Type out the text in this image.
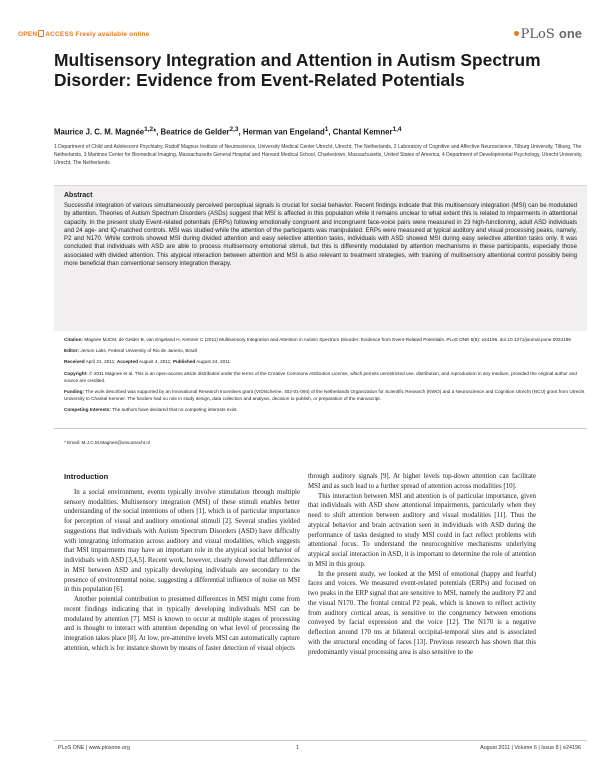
OPEN ACCESS Freely available online	PLoS one
Multisensory Integration and Attention in Autism Spectrum Disorder: Evidence from Event-Related Potentials
Maurice J. C. M. Magnée$^{1,2}$*, Beatrice de Gelder$^{2,3}$, Herman van Engeland$^1$, Chantal Kemner$^{1,4}$
1 Department of Child and Adolescent Psychiatry, Rudolf Magnus Institute of Neuroscience, University Medical Center Utrecht, Utrecht, The Netherlands, 2 Laboratory of Cognitive and Affective Neuroscience, Tilburg University, Tilburg, The Netherlands, 3 Martinos Center for Biomedical Imaging, Massachusetts General Hospital and Harvard Medical School, Charlestown, Massachusetts, United States of America, 4 Department of Developmental Psychology, Utrecht University, Utrecht, The Netherlands
Abstract
Successful integration of various simultaneously perceived perceptual signals is crucial for social behavior. Recent findings indicate that this multisensory integration (MSI) can be modulated by attention. Theories of Autism Spectrum Disorders (ASDs) suggest that MSI is affected in this population while it remains unclear to what extent this is related to impairments in attentional capacity. In the present study Event-related potentials (ERPs) following emotionally congruent and incongruent face-voice pairs were measured in 23 high-functioning, adult ASD individuals and 24 age- and IQ-matched controls. MSI was studied while the attention of the participants was manipulated. ERPs were measured at typical auditory and visual processing peaks, namely, P2 and N170. While controls showed MSI during divided attention and easy selective attention tasks, individuals with ASD showed MSI during easy selective attention tasks only. It was concluded that individuals with ASD are able to process multisensory emotional stimuli, but this is differently modulated by attention mechanisms in these participants, especially those associated with divided attention. This atypical interaction between attention and MSI is also relevant to treatment strategies, with training of multisensory attentional control possibly being more beneficial than conventional sensory integration therapy.

Citation: Magnée MJCM, de Gelder B, van Engeland H, Kemner C (2011) Multisensory Integration and Attention in Autism Spectrum Disorder: Evidence from Event-Related Potentials. PLoS ONE 6(8): e24196. doi:10.1371/journal.pone.0024196

Editor: Jerson Laks, Federal University of Rio de Janeiro, Brazil

Received April 21, 2011; Accepted August 4, 2011; Published August 24, 2011

Copyright: © 2011 Magnee et al. This is an open-access article distributed under the terms of the Creative Commons Attribution License, which permits unrestricted use, distribution, and reproduction in any medium, provided the original author and source are credited.

Funding: The work described was supported by an Innovational Research Incentives grant (VIDIscheme, 402-01-094) of the Netherlands Organization for Scientific Research (NWO) and a Neuroscience and Cognition Utrecht (NCU) grant from Utrecht University to Chantal Kemner. The funders had no role in study design, data collection and analysis, decision to publish, or preparation of the manuscript.

Competing Interests: The authors have declared that no competing interests exist.

* Email: M.J.C.M.Magnee@umcutrecht.nl
Introduction

In a social environment, events typically involve stimulation through multiple sensory modalities. Multisensory integration (MSI) of these stimuli enables better understanding of the social intentions of others [1], which is of particular importance for perception of visual and auditory emotional stimuli [2]. Several studies yielded suggestions that individuals with Autism Spectrum Disorders (ASD) have difficulty with integrating information across auditory and visual modalities, which suggests that MSI impairments may have an important role in the atypical social behavior of individuals with ASD [3,4,5]. Recent work, however, clearly showed that differences in MSI between ASD and typically developing individuals are secondary to the presence of environmental noise, suggesting a differential influence of noise on MSI in this population [6].

Another potential contribution to presumed differences in MSI might come from recent findings indicating that in typically developing individuals MSI can be modulated by attention [7]. MSI is known to occur at multiple stages of processing and is thought to interact with attention depending on what level of processing the integration takes place [8]. At low, pre-attentive levels MSI can automatically capture attention, which is for instance shown by means of faster detection of visual objects

through auditory signals [9]. At higher levels top-down attention can facilitate MSI and as such lead to a further spread of attention across modalities [10].

This interaction between MSI and attention is of particular importance, given that individuals with ASD show attentional impairments, particularly when they need to shift attention between auditory and visual modalities [11]. Thus the atypical behavior and brain activation seen in individuals with ASD during the performance of tasks designed to study MSI could in fact reflect problems with attentional focus. To understand the neurocognitive mechanisms underlying atypical social interaction in ASD, it is important to determine the role of attention in MSI in this group.

In the present study, we looked at the MSI of emotional (happy and fearful) faces and voices. We measured event-related potentials (ERPs) and focused on two peaks in the ERP signal that are sensitive to MSI, namely the auditory P2 and the visual N170. The frontal central P2 peak, which is known to reflect activity from auditory cortical areas, is sensitive to the congruency between emotions conveyed by facial expression and the voice [12]. The N170 is a negative deflection around 170 ms at bilateral occipital-temporal sites and is associated with the structural encoding of faces [13]. Previous research has shown that this predominantly visual processing area is also sensitive to the

PLoS ONE | www.plosone.org	1	August 2011 | Volume 6 | Issue 8 | e24196
